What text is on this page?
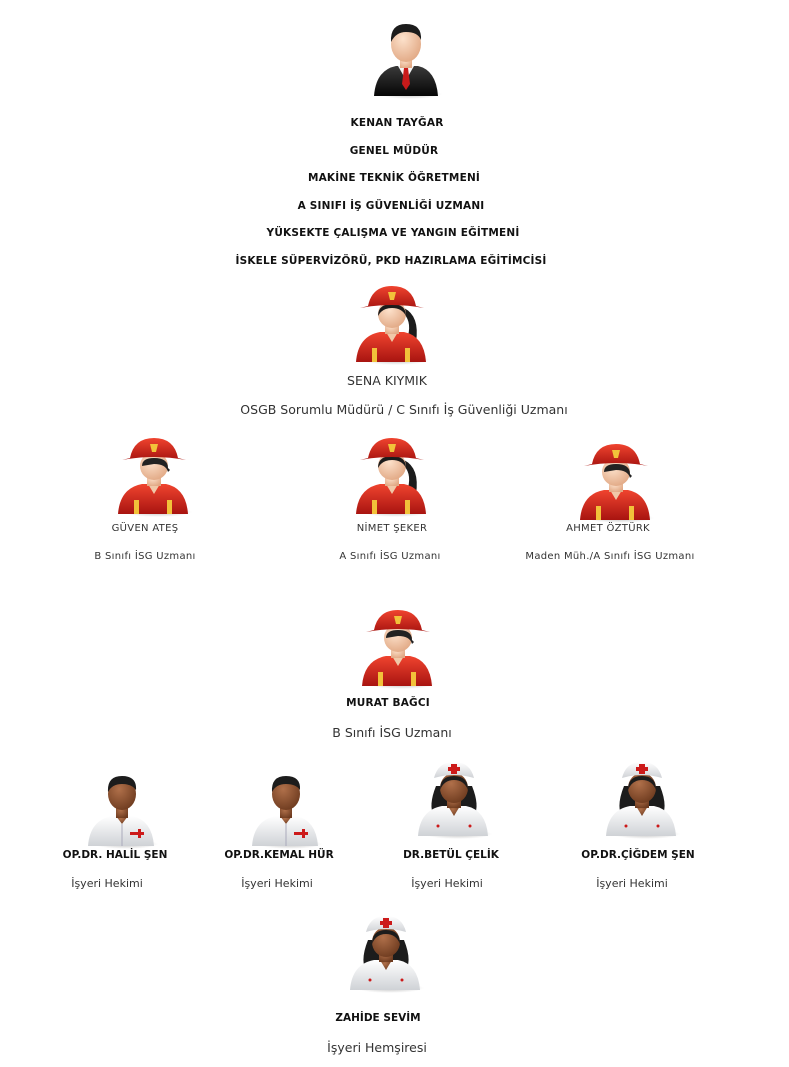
KENAN TAYĞAR
GENEL MÜDÜR
MAKİNE TEKNİK ÖĞRETMENİ
A SINIFI İŞ GÜVENLİĞİ UZMANI
YÜKSEKTE ÇALIŞMA VE YANGIN EĞİTMENİ
İSKELE SÜPERVİZÖRÜ, PKD HAZIRLAMA EĞİTİMCİSİ
SENA KIYMIK
OSGB Sorumlu Müdürü / C Sınıfı İş Güvenliği Uzmanı
GÜVEN ATEŞ
B Sınıfı İSG Uzmanı
NİMET ŞEKER
A Sınıfı İSG Uzmanı
AHMET ÖZTÜRK
Maden Müh./A Sınıfı İSG Uzmanı
MURAT BAĞCI
B Sınıfı İSG Uzmanı
OP.DR. HALİL ŞEN
İşyeri Hekimi
OP.DR.KEMAL HÜR
İşyeri Hekimi
DR.BETÜL ÇELİK
İşyeri Hekimi
OP.DR.ÇİĞDEM ŞEN
İşyeri Hekimi
ZAHİDE SEVİM
İşyeri Hemşiresi
